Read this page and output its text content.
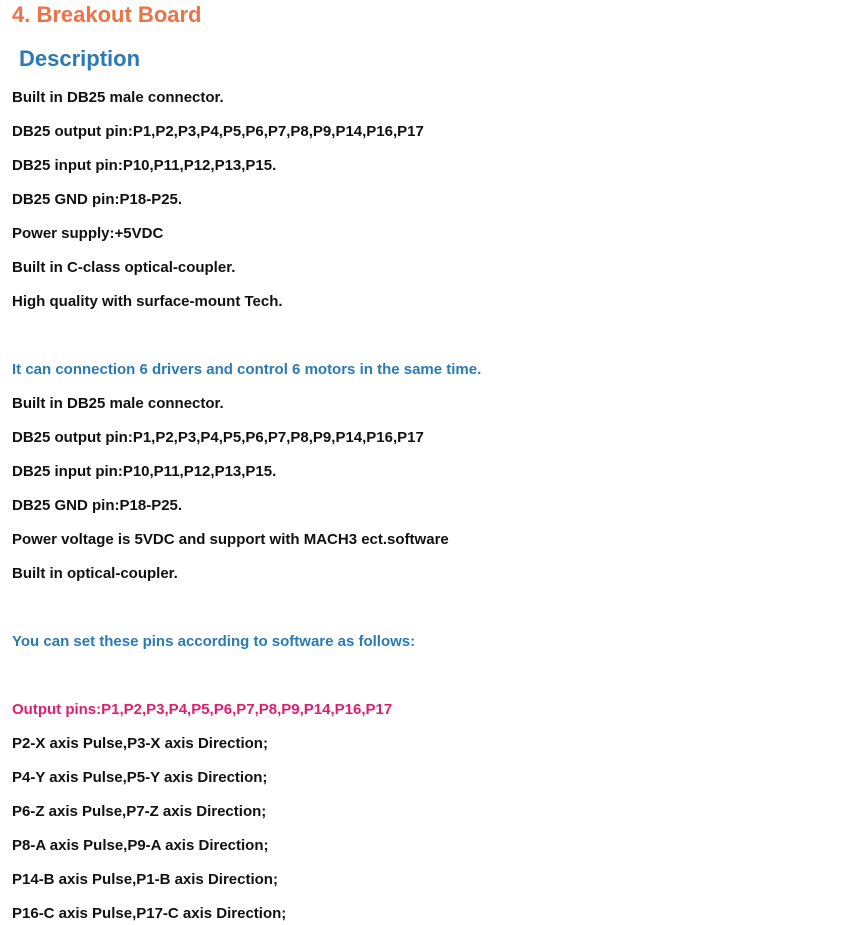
4. Breakout Board
Description
Built in DB25 male connector.
DB25 output pin:P1,P2,P3,P4,P5,P6,P7,P8,P9,P14,P16,P17
DB25 input pin:P10,P11,P12,P13,P15.
DB25 GND pin:P18-P25.
Power supply:+5VDC
Built in C-class optical-coupler.
High quality with surface-mount Tech.
It can connection 6 drivers and control 6 motors in the same time.
Built in DB25 male connector.
DB25 output pin:P1,P2,P3,P4,P5,P6,P7,P8,P9,P14,P16,P17
DB25 input pin:P10,P11,P12,P13,P15.
DB25 GND pin:P18-P25.
Power voltage is 5VDC and support with MACH3 ect.software
Built in optical-coupler.
You can set these pins according to software as follows:
Output pins:P1,P2,P3,P4,P5,P6,P7,P8,P9,P14,P16,P17
P2-X axis Pulse,P3-X axis Direction;
P4-Y axis Pulse,P5-Y axis Direction;
P6-Z axis Pulse,P7-Z axis Direction;
P8-A axis Pulse,P9-A axis Direction;
P14-B axis Pulse,P1-B axis Direction;
P16-C axis Pulse,P17-C axis Direction;
